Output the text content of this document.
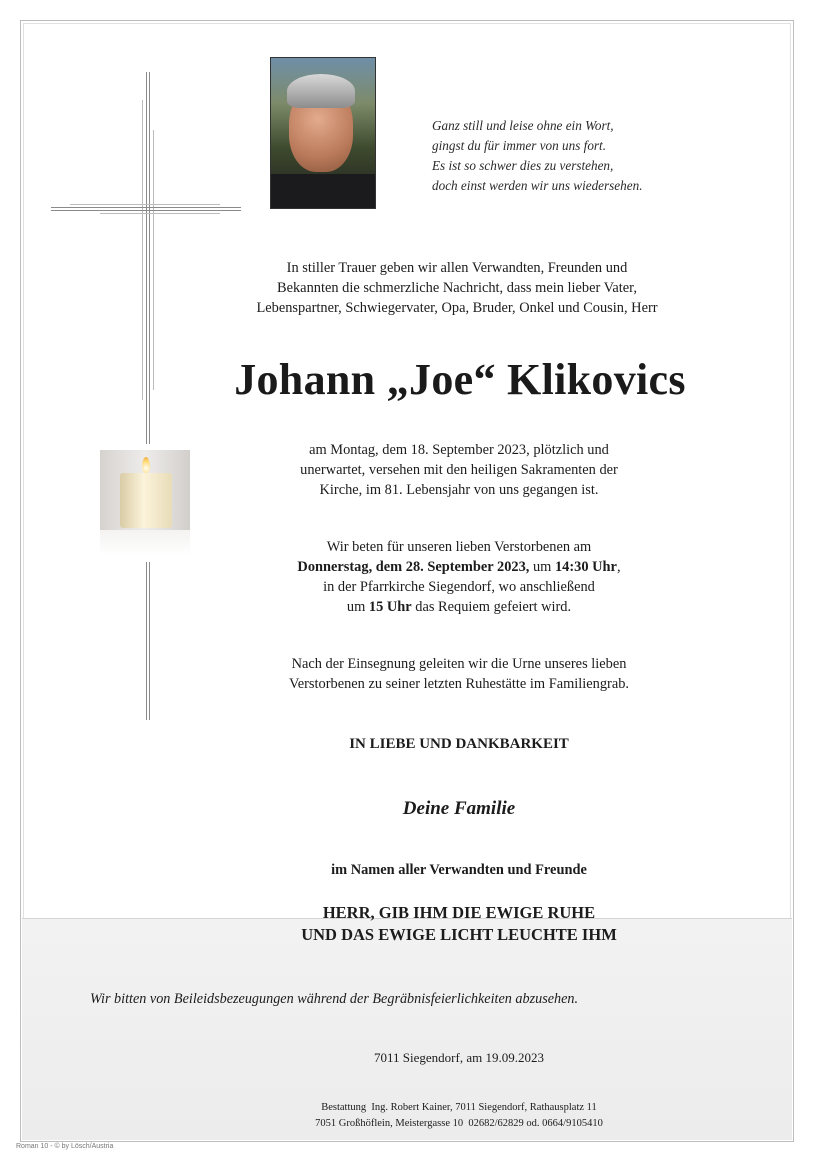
Ganz still und leise ohne ein Wort,
gingst du für immer von uns fort.
Es ist so schwer dies zu verstehen,
doch einst werden wir uns wiedersehen.
In stiller Trauer geben wir allen Verwandten, Freunden und
Bekannten die schmerzliche Nachricht, dass mein lieber Vater,
Lebenspartner, Schwiegervater, Opa, Bruder, Onkel und Cousin, Herr
Johann „Joe“ Klikovics
am Montag, dem 18. September 2023, plötzlich und
unerwartet, versehen mit den heiligen Sakramenten der
Kirche, im 81. Lebensjahr von uns gegangen ist.
Wir beten für unseren lieben Verstorbenen am
Donnerstag, dem 28. September 2023, um 14:30 Uhr,
in der Pfarrkirche Siegendorf, wo anschließend
um 15 Uhr das Requiem gefeiert wird.
Nach der Einsegnung geleiten wir die Urne unseres lieben
Verstorbenen zu seiner letzten Ruhestätte im Familiengrab.
IN LIEBE UND DANKBARKEIT
Deine Familie
im Namen aller Verwandten und Freunde
HERR, GIB IHM DIE EWIGE RUHE
UND DAS EWIGE LICHT LEUCHTE IHM
Wir bitten von Beileidsbezeugungen während der Begräbnisfeierlichkeiten abzusehen.
7011 Siegendorf, am 19.09.2023
Bestattung  Ing. Robert Kainer, 7011 Siegendorf, Rathausplatz 11
7051 Großhöflein, Meistergasse 10  02682/62829 od. 0664/9105410
Roman 10 - © by Lösch/Austria
